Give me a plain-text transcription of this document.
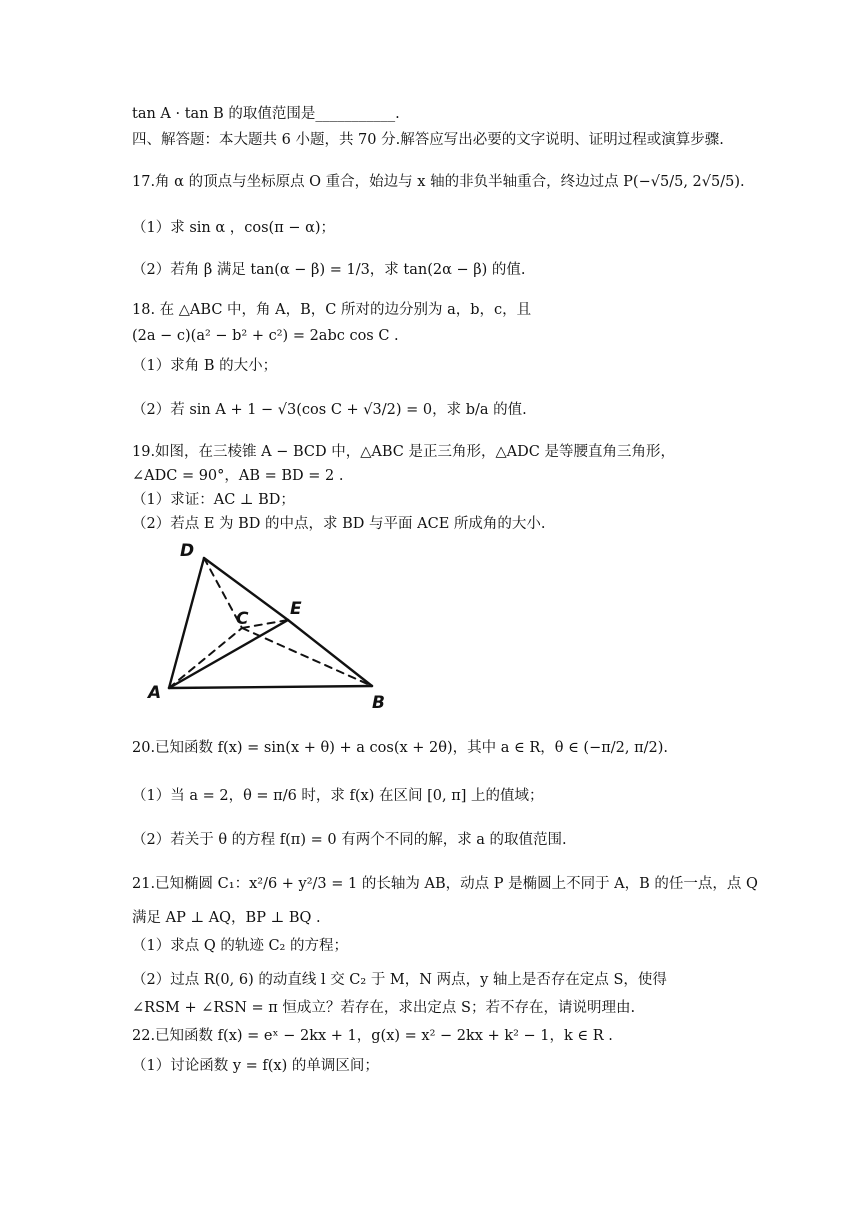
tan A · tan B 的取值范围是___________.
四、解答题：本大题共 6 小题，共 70 分.解答应写出必要的文字说明、证明过程或演算步骤.
17.角 α 的顶点与坐标原点 O 重合，始边与 x 轴的非负半轴重合，终边过点 P(−√5/5, 2√5/5).
（1）求 sin α ，cos(π − α)；
（2）若角 β 满足 tan(α − β) = 1/3，求 tan(2α − β) 的值.
18. 在 △ABC 中，角 A，B，C 所对的边分别为 a，b，c，且
(2a − c)(a² − b² + c²) = 2abc cos C .
（1）求角 B 的大小；
（2）若 sin A + 1 − √3(cos C + √3/2) = 0，求 b/a 的值.
19.如图，在三棱锥 A − BCD 中，△ABC 是正三角形，△ADC 是等腰直角三角形，
∠ADC = 90°，AB = BD = 2 .
（1）求证：AC ⊥ BD；
（2）若点 E 为 BD 的中点，求 BD 与平面 ACE 所成角的大小.
D
C E
A	B
20.已知函数 f(x) = sin(x + θ) + a cos(x + 2θ)，其中 a ∈ R，θ ∈ (−π/2, π/2).
（1）当 a = 2，θ = π/6 时，求 f(x) 在区间 [0, π] 上的值域；
（2）若关于 θ 的方程 f(π) = 0 有两个不同的解，求 a 的取值范围.
21.已知椭圆 C₁：x²/6 + y²/3 = 1 的长轴为 AB，动点 P 是椭圆上不同于 A，B 的任一点，点 Q
满足 AP ⊥ AQ，BP ⊥ BQ .
（1）求点 Q 的轨迹 C₂ 的方程；
（2）过点 R(0, 6) 的动直线 l 交 C₂ 于 M，N 两点，y 轴上是否存在定点 S，使得
∠RSM + ∠RSN = π 恒成立？若存在，求出定点 S；若不存在，请说明理由.
22.已知函数 f(x) = eˣ − 2kx + 1，g(x) = x² − 2kx + k² − 1，k ∈ R .
（1）讨论函数 y = f(x) 的单调区间；
